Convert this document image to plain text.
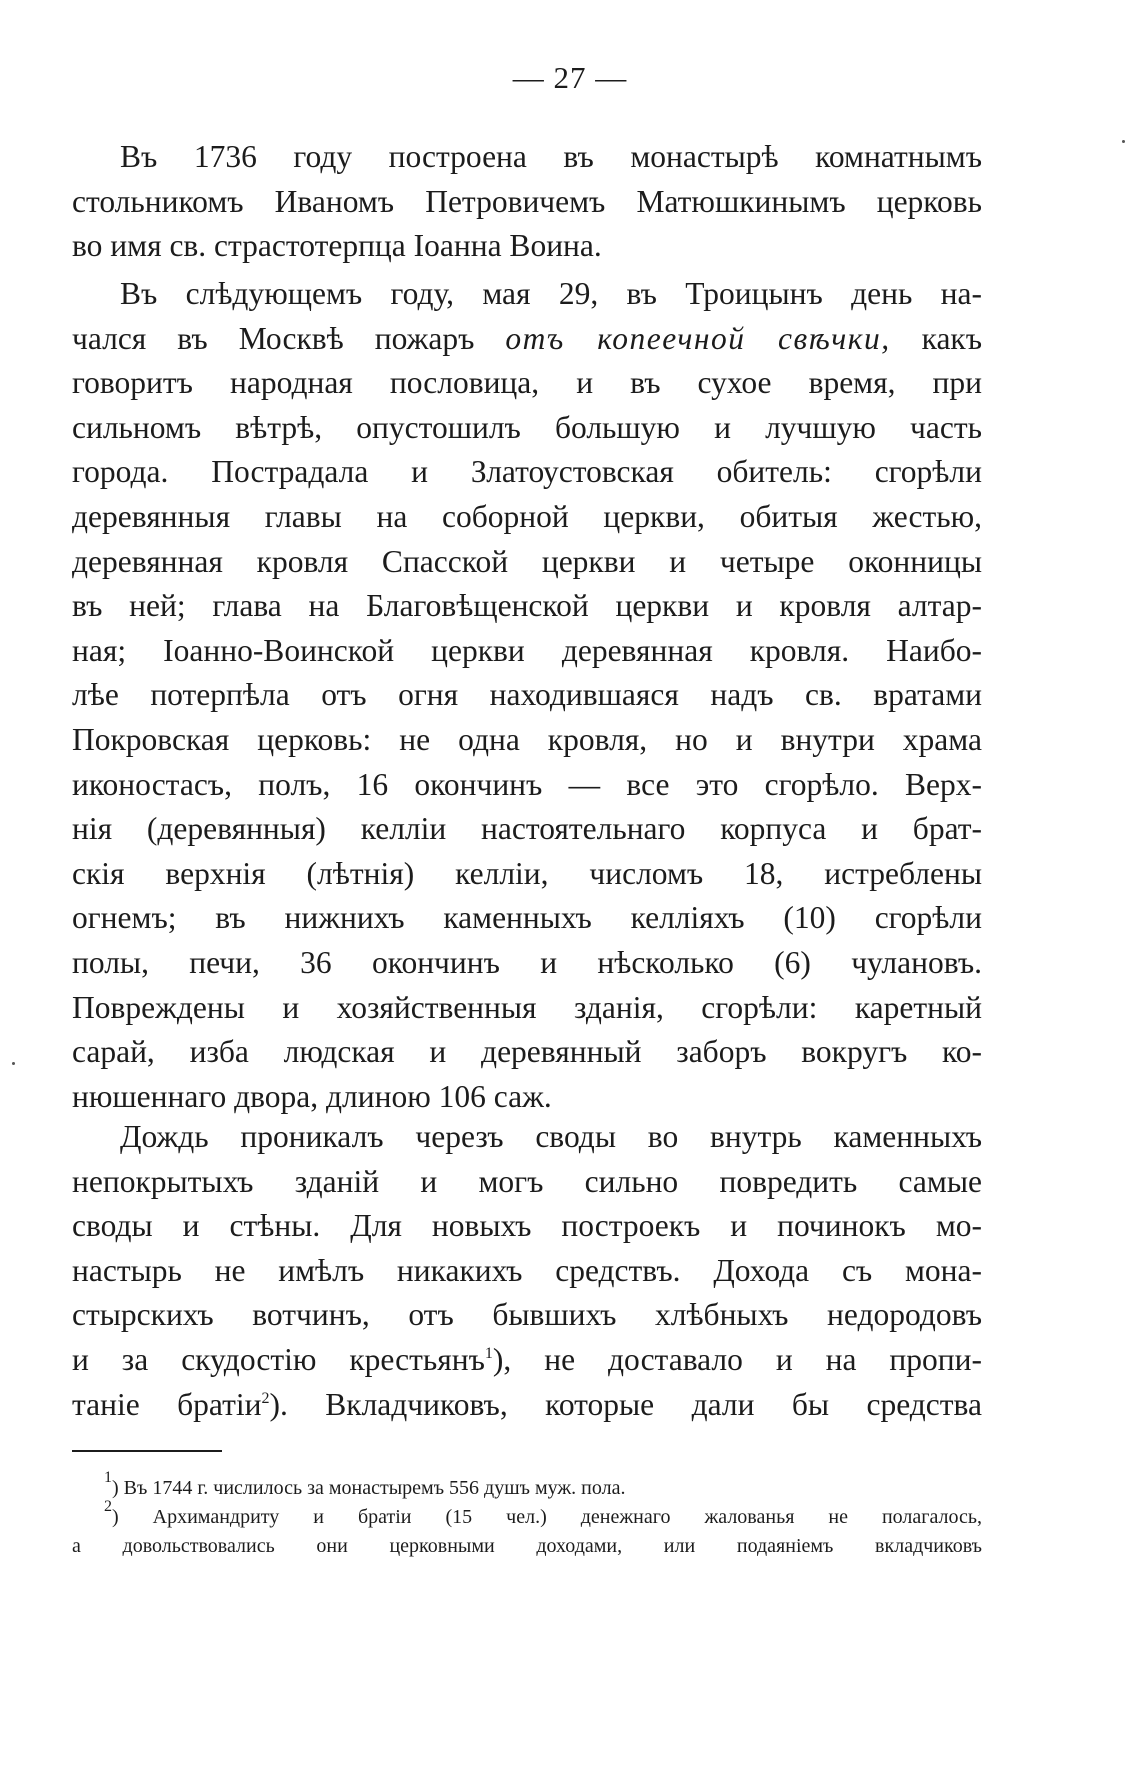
— 27 —
Въ 1736 году построена въ монастырѣ комнатнымъ
стольникомъ Иваномъ Петровичемъ Матюшкинымъ церковь
во имя св. страстотерпца Іоанна Воина.
Въ слѣдующемъ году, мая 29, въ Троицынъ день на-
чался въ Москвѣ пожаръ отъ копеечной свѣчки, какъ
говоритъ народная пословица, и въ сухое время, при
сильномъ вѣтрѣ, опустошилъ большую и лучшую часть
города. Пострадала и Златоустовская обитель: сгорѣли
деревянныя главы на соборной церкви, обитыя жестью,
деревянная кровля Спасской церкви и четыре оконницы
въ ней; глава на Благовѣщенской церкви и кровля алтар-
ная; Іоанно-Воинской церкви деревянная кровля. Наибо-
лѣе потерпѣла отъ огня находившаяся надъ св. вратами
Покровская церковь: не одна кровля, но и внутри храма
иконостасъ, полъ, 16 окончинъ — все это сгорѣло. Верх-
нія (деревянныя) келліи настоятельнаго корпуса и брат-
скія верхнія (лѣтнія) келліи, числомъ 18, истреблены
огнемъ; въ нижнихъ каменныхъ келліяхъ (10) сгорѣли
полы, печи, 36 окончинъ и нѣсколько (6) чулановъ.
Повреждены и хозяйственныя зданія, сгорѣли: каретный
сарай, изба людская и деревянный заборъ вокругъ ко-
нюшеннаго двора, длиною 106 саж.
Дождь проникалъ черезъ своды во внутрь каменныхъ
непокрытыхъ зданій и могъ сильно повредить самые
своды и стѣны. Для новыхъ построекъ и починокъ мо-
настырь не имѣлъ никакихъ средствъ. Дохода съ мона-
стырскихъ вотчинъ, отъ бывшихъ хлѣбныхъ недородовъ
и за скудостію крестьянъ$^1$), не доставало и на пропи-
таніе братіи$^2$). Вкладчиковъ, которые дали бы средства
$^1$) Въ 1744 г. числилось за монастыремъ 556 душъ муж. пола.
$^2$) Архимандриту и братіи (15 чел.) денежнаго жалованья не полагалось,
а довольствовались они церковными доходами, или подаяніемъ вкладчиковъ
